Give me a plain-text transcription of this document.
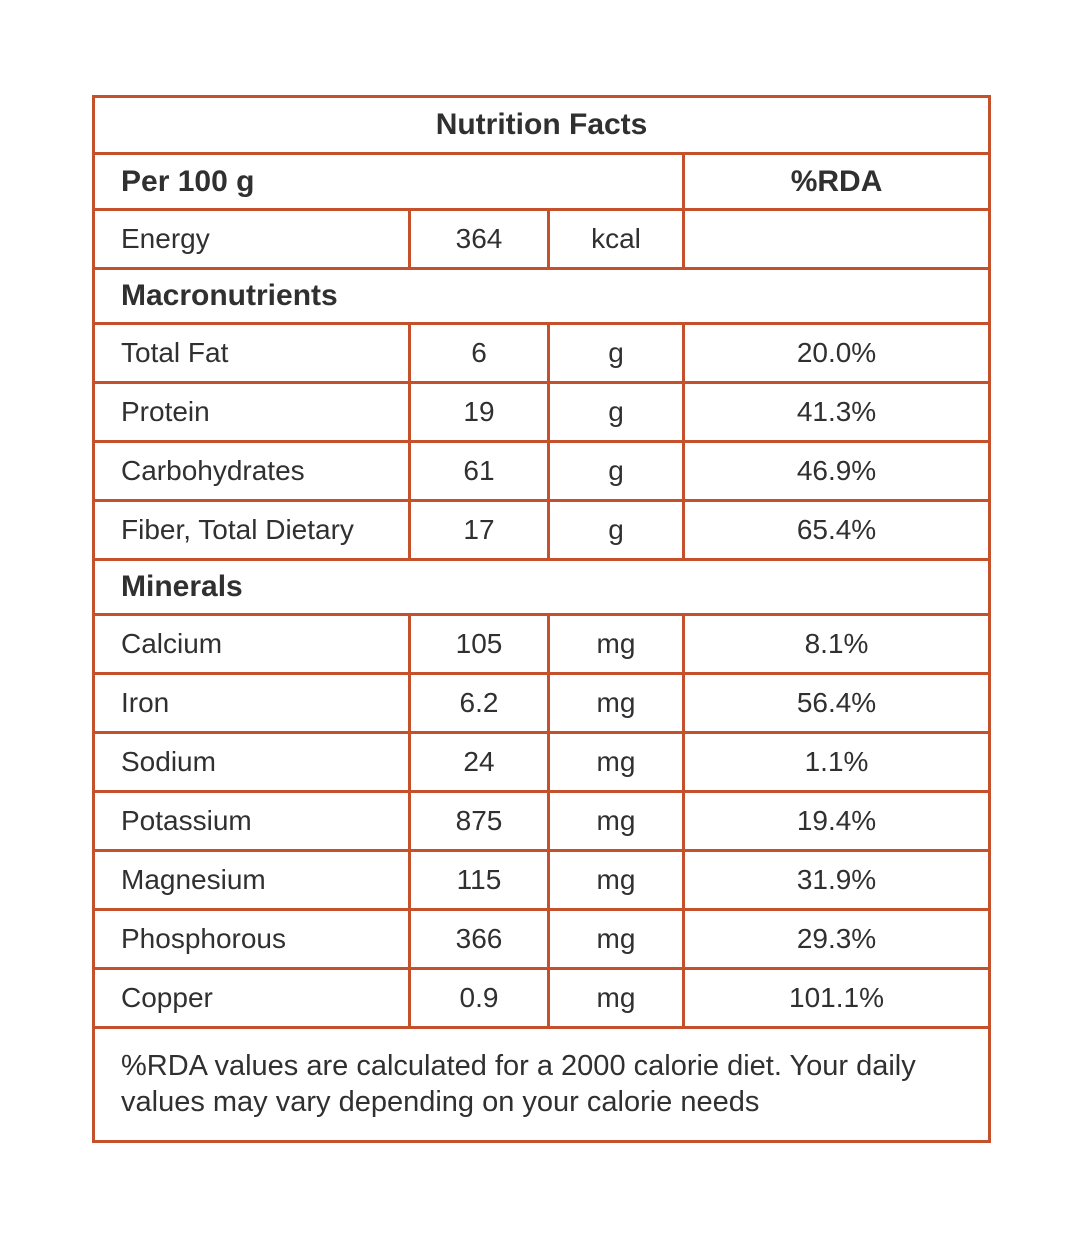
Nutrition Facts			
Per 100 g			%RDA
Energy	364	kcal	
Macronutrients			
Total Fat	6	g	20.0%
Protein	19	g	41.3%
Carbohydrates	61	g	46.9%
Fiber, Total Dietary	17	g	65.4%
Minerals			
Calcium	105	mg	8.1%
Iron	6.2	mg	56.4%
Sodium	24	mg	1.1%
Potassium	875	mg	19.4%
Magnesium	115	mg	31.9%
Phosphorous	366	mg	29.3%
Copper	0.9	mg	101.1%
%RDA values are calculated for a 2000 calorie diet. Your daily values may vary depending on your calorie needs			
